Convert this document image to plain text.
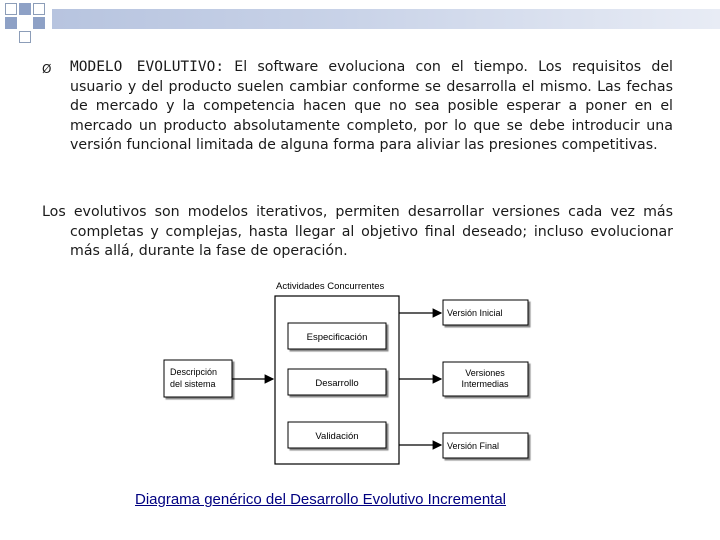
Ø MODELO EVOLUTIVO: El software evoluciona con el tiempo. Los requisitos del usuario y del producto suelen cambiar conforme se desarrolla el mismo. Las fechas de mercado y la competencia hacen que no sea posible esperar a poner en el mercado un producto absolutamente completo, por lo que se debe introducir una versión funcional limitada de alguna forma para aliviar las presiones competitivas.
Los evolutivos son modelos iterativos, permiten desarrollar versiones cada vez más completas y complejas, hasta llegar al objetivo final deseado; incluso evolucionar más allá, durante la fase de operación.
Actividades Concurrentes
Especificación
Desarrollo
Validación
Descripción
del sistema
Versión Inicial
Versiones
Intermedias
Versión Final
Diagrama genérico del Desarrollo Evolutivo Incremental
